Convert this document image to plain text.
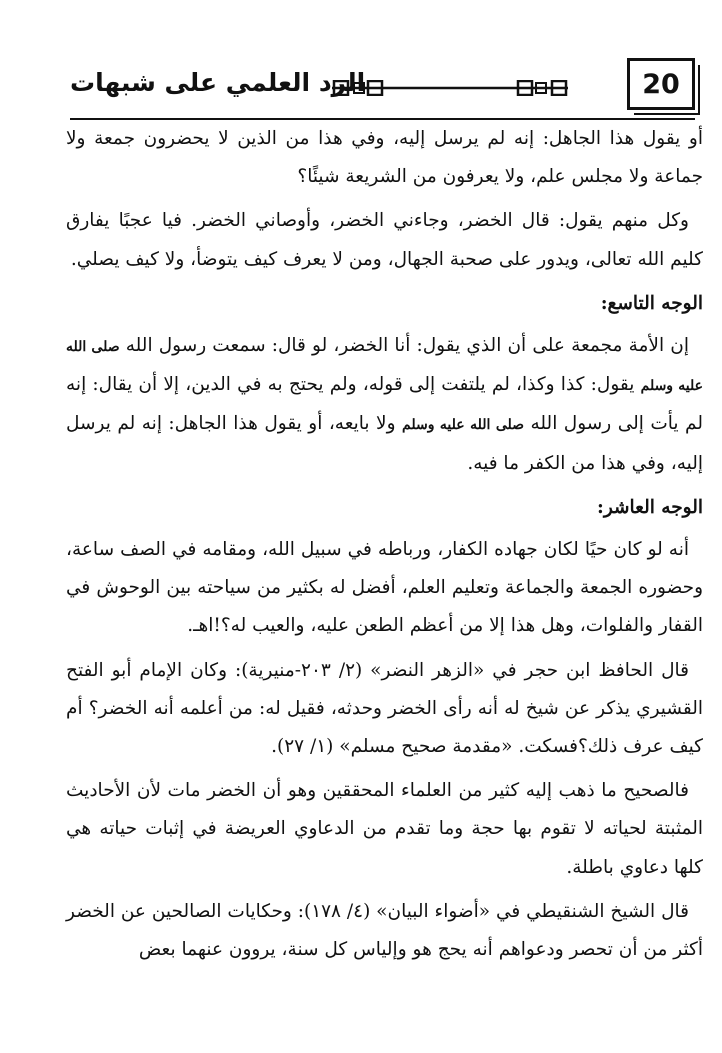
20
الرد العلمي على شبهات

أو يقول هذا الجاهل: إنه لم يرسل إليه، وفي هذا من الذين لا يحضرون جمعة ولا جماعة ولا مجلس علم، ولا يعرفون من الشريعة شيئًا؟

وكل منهم يقول: قال الخضر، وجاءني الخضر، وأوصاني الخضر. فيا عجبًا يفارق كليم الله تعالى، ويدور على صحبة الجهال، ومن لا يعرف كيف يتوضأ، ولا كيف يصلي.

الوجه التاسع:

إن الأمة مجمعة على أن الذي يقول: أنا الخضر، لو قال: سمعت رسول الله صلى الله عليه وسلم يقول: كذا وكذا، لم يلتفت إلى قوله، ولم يحتج به في الدين، إلا أن يقال: إنه لم يأت إلى رسول الله صلى الله عليه وسلم ولا بايعه، أو يقول هذا الجاهل: إنه لم يرسل إليه، وفي هذا من الكفر ما فيه.

الوجه العاشر:

أنه لو كان حيًا لكان جهاده الكفار، ورباطه في سبيل الله، ومقامه في الصف ساعة، وحضوره الجمعة والجماعة وتعليم العلم، أفضل له بكثير من سياحته بين الوحوش في القفار والفلوات، وهل هذا إلا من أعظم الطعن عليه، والعيب له؟!اهـ.

قال الحافظ ابن حجر في «الزهر النضر» (٢/ ٢٠٣-منيرية): وكان الإمام أبو الفتح القشيري يذكر عن شيخ له أنه رأى الخضر وحدثه، فقيل له: من أعلمه أنه الخضر؟ أم كيف عرف ذلك؟فسكت. «مقدمة صحيح مسلم» (١/ ٢٧).

فالصحيح ما ذهب إليه كثير من العلماء المحققين وهو أن الخضر مات لأن الأحاديث المثبتة لحياته لا تقوم بها حجة وما تقدم من الدعاوي العريضة في إثبات حياته هي كلها دعاوي باطلة.

قال الشيخ الشنقيطي في «أضواء البيان» (٤/ ١٧٨): وحكايات الصالحين عن الخضر أكثر من أن تحصر ودعواهم أنه يحج هو وإلياس كل سنة، يروون عنهما بعض
